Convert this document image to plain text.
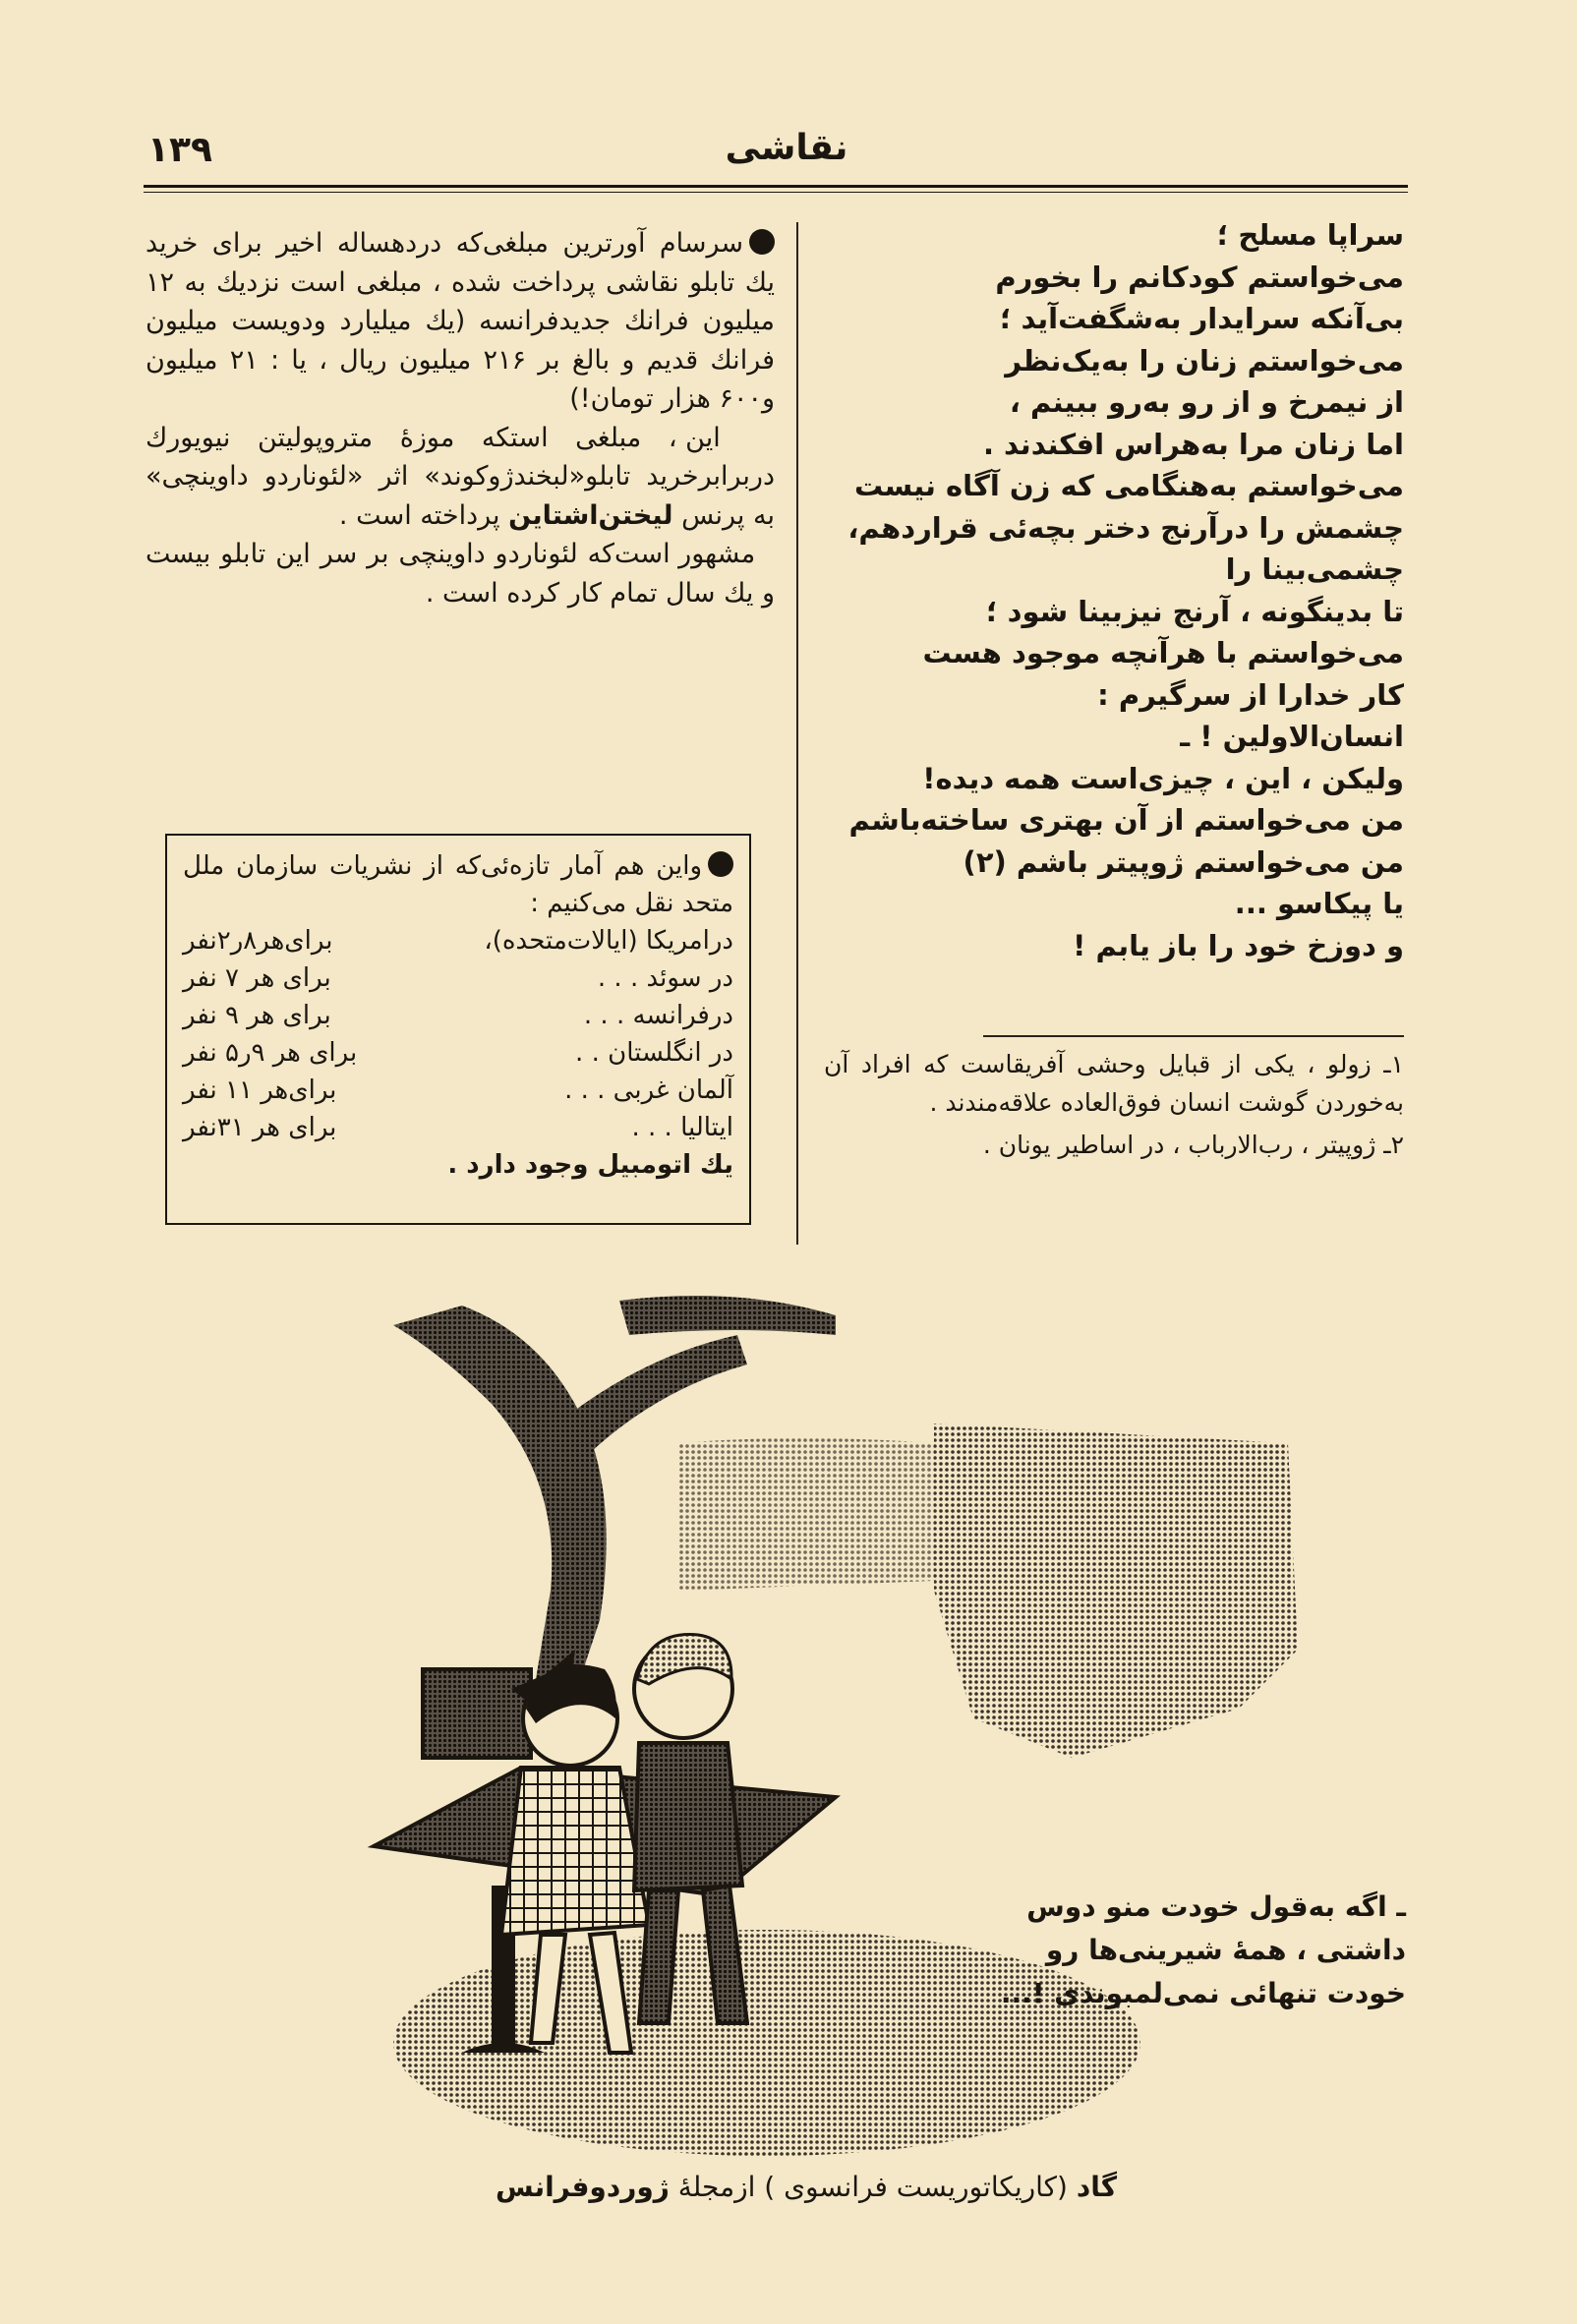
۱۳۹	نقاشی
سراپا مسلح ؛
می‌خواستم کودکانم را بخورم
بی‌آنکه سرایدار به‌شگفت‌آید ؛
می‌خواستم زنان را به‌یک‌نظر
از نیمرخ و از رو به‌رو ببینم ،
اما زنان مرا به‌هراس افکندند .
می‌خواستم به‌هنگامی که زن آگاه نیست
چشمش را درآرنج دختر بچه‌ئی قراردهم،
چشمی‌بینا را
تا بدینگونه ، آرنج نیزبینا شود ؛
می‌خواستم با هرآنچه موجود هست
کار خدارا از سرگیرم :
انسان‌الاولین ! ـ
ولیکن ، این ، چیزی‌است همه دیده!
من می‌خواستم از آن بهتری ساخته‌باشم
من می‌خواستم ژوپیتر باشم (۲)
یا پیکاسو ...
و دوزخ خود را باز یابم !

۱ـ زولو ، یکی از قبایل وحشی آفریقاست که افراد آن به‌خوردن گوشت انسان فوق‌العاده علاقه‌مندند .

۲ـ ژوپیتر ، رب‌الارباب ، در اساطیر یونان .

سرسام آورترین مبلغی‌که دردهساله اخیر برای خرید یك تابلو نقاشی پرداخت شده ، مبلغی است نزدیك به ۱۲ میلیون فرانك جدیدفرانسه (یك میلیارد ودویست میلیون فرانك قدیم و بالغ بر ۲۱۶ میلیون ریال ، یا : ۲۱ میلیون و۶۰۰ هزار تومان!)

این ، مبلغی استکه موزهٔ متروپولیتن نیویورك دربرابرخرید تابلو«لبخندژوکوند» اثر «لئوناردو داوینچی» به پرنس لیختن‌اشتاین پرداخته است .

مشهور است‌که لئوناردو داوینچی بر سر این تابلو بیست و یك سال تمام کار کرده است .

واین هم آمار تازه‌ئی‌که از نشریات سازمان ملل متحد نقل می‌کنیم :

درامریکا (ایالات‌متحده)،
برای‌هر۸ر۲نفر
در سوئد . . .
برای هر ۷ نفر
درفرانسه . . .
برای هر ۹ نفر
در انگلستان . .
برای هر ۹ر۵ نفر
آلمان غربی . . .
برای‌هر ۱۱ نفر
ایتالیا . . .
برای هر ۳۱نفر

یك اتومبیل وجود دارد .

ـ اگه به‌قول خودت منو دوس
داشتی ، همهٔ شیرینی‌ها رو
خودت تنهائی نمی‌لمبوندی !...
گاد (کاریکاتوریست فرانسوی ) ازمجلهٔ ژوردوفرانس
